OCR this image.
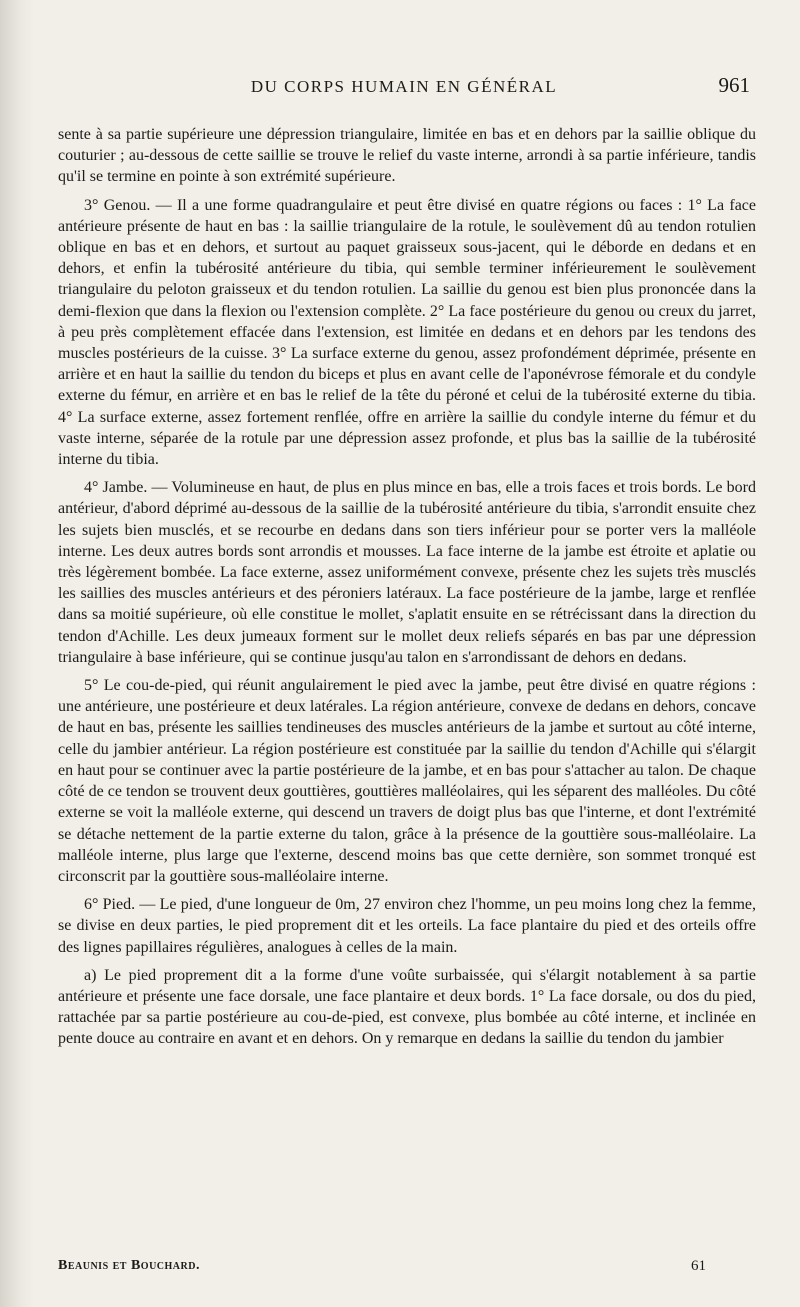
DU CORPS HUMAIN EN GÉNÉRAL	961

sente à sa partie supérieure une dépression triangulaire, limitée en bas et en dehors par la saillie oblique du couturier ; au-dessous de cette saillie se trouve le relief du vaste interne, arrondi à sa partie inférieure, tandis qu'il se termine en pointe à son extrémité supérieure.

3° Genou. — Il a une forme quadrangulaire et peut être divisé en quatre régions ou faces : 1° La face antérieure présente de haut en bas : la saillie triangulaire de la rotule, le soulèvement dû au tendon rotulien oblique en bas et en dehors, et surtout au paquet graisseux sous-jacent, qui le déborde en dedans et en dehors, et enfin la tubérosité antérieure du tibia, qui semble terminer inférieurement le soulèvement triangulaire du peloton graisseux et du tendon rotulien. La saillie du genou est bien plus prononcée dans la demi-flexion que dans la flexion ou l'extension complète. 2° La face postérieure du genou ou creux du jarret, à peu près complètement effacée dans l'extension, est limitée en dedans et en dehors par les tendons des muscles postérieurs de la cuisse. 3° La surface externe du genou, assez profondément déprimée, présente en arrière et en haut la saillie du tendon du biceps et plus en avant celle de l'aponévrose fémorale et du condyle externe du fémur, en arrière et en bas le relief de la tête du péroné et celui de la tubérosité externe du tibia. 4° La surface externe, assez fortement renflée, offre en arrière la saillie du condyle interne du fémur et du vaste interne, séparée de la rotule par une dépression assez profonde, et plus bas la saillie de la tubérosité interne du tibia.

4° Jambe. — Volumineuse en haut, de plus en plus mince en bas, elle a trois faces et trois bords. Le bord antérieur, d'abord déprimé au-dessous de la saillie de la tubérosité antérieure du tibia, s'arrondit ensuite chez les sujets bien musclés, et se recourbe en dedans dans son tiers inférieur pour se porter vers la malléole interne. Les deux autres bords sont arrondis et mousses. La face interne de la jambe est étroite et aplatie ou très légèrement bombée. La face externe, assez uniformément convexe, présente chez les sujets très musclés les saillies des muscles antérieurs et des péroniers latéraux. La face postérieure de la jambe, large et renflée dans sa moitié supérieure, où elle constitue le mollet, s'aplatit ensuite en se rétrécissant dans la direction du tendon d'Achille. Les deux jumeaux forment sur le mollet deux reliefs séparés en bas par une dépression triangulaire à base inférieure, qui se continue jusqu'au talon en s'arrondissant de dehors en dedans.

5° Le cou-de-pied, qui réunit angulairement le pied avec la jambe, peut être divisé en quatre régions : une antérieure, une postérieure et deux latérales. La région antérieure, convexe de dedans en dehors, concave de haut en bas, présente les saillies tendineuses des muscles antérieurs de la jambe et surtout au côté interne, celle du jambier antérieur. La région postérieure est constituée par la saillie du tendon d'Achille qui s'élargit en haut pour se continuer avec la partie postérieure de la jambe, et en bas pour s'attacher au talon. De chaque côté de ce tendon se trouvent deux gouttières, gouttières malléolaires, qui les séparent des malléoles. Du côté externe se voit la malléole externe, qui descend un travers de doigt plus bas que l'interne, et dont l'extrémité se détache nettement de la partie externe du talon, grâce à la présence de la gouttière sous-malléolaire. La malléole interne, plus large que l'externe, descend moins bas que cette dernière, son sommet tronqué est circonscrit par la gouttière sous-malléolaire interne.

6° Pied. — Le pied, d'une longueur de 0m, 27 environ chez l'homme, un peu moins long chez la femme, se divise en deux parties, le pied proprement dit et les orteils. La face plantaire du pied et des orteils offre des lignes papillaires régulières, analogues à celles de la main.

a) Le pied proprement dit a la forme d'une voûte surbaissée, qui s'élargit notablement à sa partie antérieure et présente une face dorsale, une face plantaire et deux bords. 1° La face dorsale, ou dos du pied, rattachée par sa partie postérieure au cou-de-pied, est convexe, plus bombée au côté interne, et inclinée en pente douce au contraire en avant et en dehors. On y remarque en dedans la saillie du tendon du jambier

Beaunis et Bouchard.	61
